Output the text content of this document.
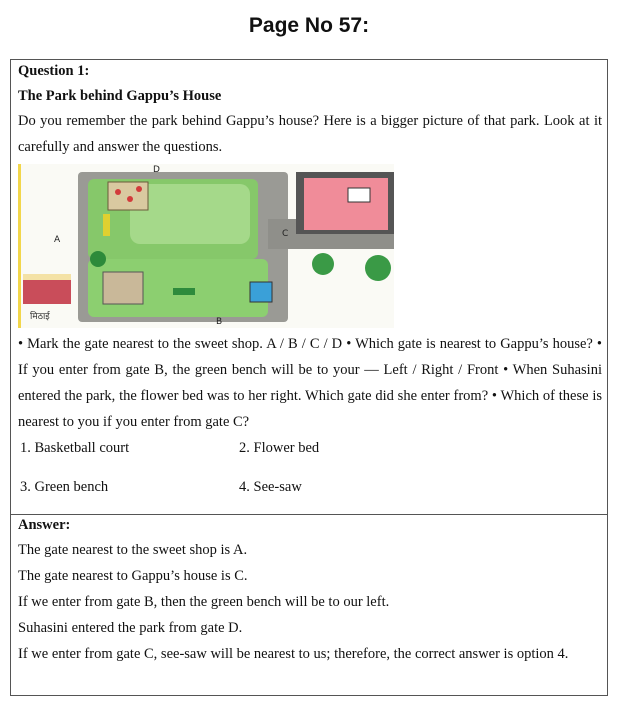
Page No 57:
Question 1:
The Park behind Gappu’s House
Do you remember the park behind Gappu’s house? Here is a bigger picture of that park. Look at it carefully and answer the questions.
मिठाई
A
B
C
D
• Mark the gate nearest to the sweet shop. A / B / C / D • Which gate is nearest to Gappu’s house? • If you enter from gate B, the green bench will be to your — Left / Right / Front • When Suhasini entered the park, the flower bed was to her right. Which gate did she enter from? • Which of these is nearest to you if you enter from gate C?
1. Basketball court	2. Flower bed
3. Green bench	4. See-saw
Answer:
The gate nearest to the sweet shop is A.
The gate nearest to Gappu’s house is C.
If we enter from gate B, then the green bench will be to our left.
Suhasini entered the park from gate D.
If we enter from gate C, see-saw will be nearest to us; therefore, the correct answer is option 4.
